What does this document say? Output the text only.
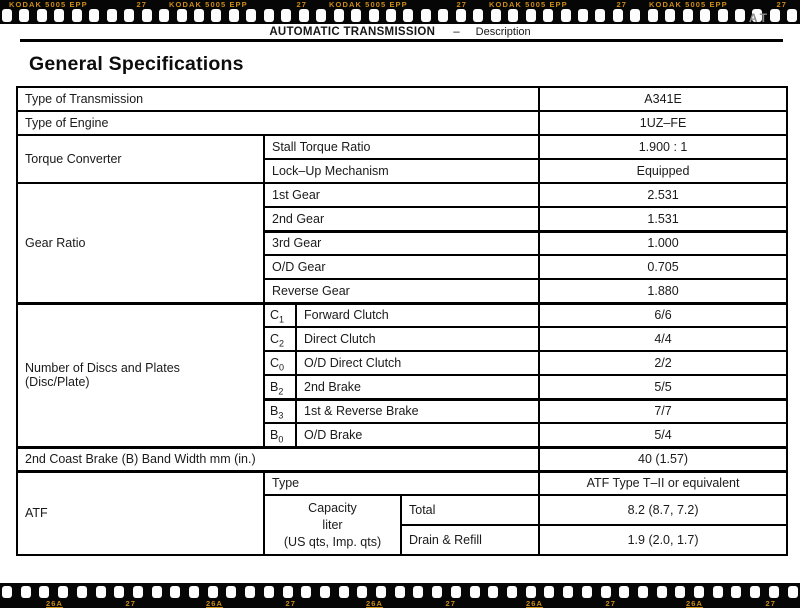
KODAK 5005 EPP	27	KODAK 5005 EPP	27	KODAK 5005 EPP	27	KODAK 5005 EPP	27	KODAK 5005 EPP	27
AT
AUTOMATIC TRANSMISSION – Description
General Specifications
Type of Transmission				A341E
Type of Engine				1UZ–FE
Torque Converter	Stall Torque Ratio			1.900 : 1
	Lock–Up Mechanism			Equipped
Gear Ratio	1st Gear			2.531
	2nd Gear			1.531
	3rd Gear			1.000
	O/D Gear			0.705
	Reverse Gear			1.880

Number of Discs and Plates
(Disc/Plate)	$C_1$	Forward Clutch		6/6
	$C_2$	Direct Clutch		4/4
	$C_0$	O/D Direct Clutch		2/2
	$B_2$	2nd Brake		5/5
	$B_3$	1st & Reverse Brake		7/7
	$B_0$	O/D Brake		5/4
2nd Coast Brake (B) Band Width mm (in.)				40 (1.57)
ATF	Type			ATF Type T–II or equivalent

	Capacity
liter
(US qts, Imp. qts)		Total	8.2 (8.7, 7.2)
			Drain & Refill	1.9 (2.0, 1.7)
26A	27	26A	27	26A	27	26A	27	26A	27
